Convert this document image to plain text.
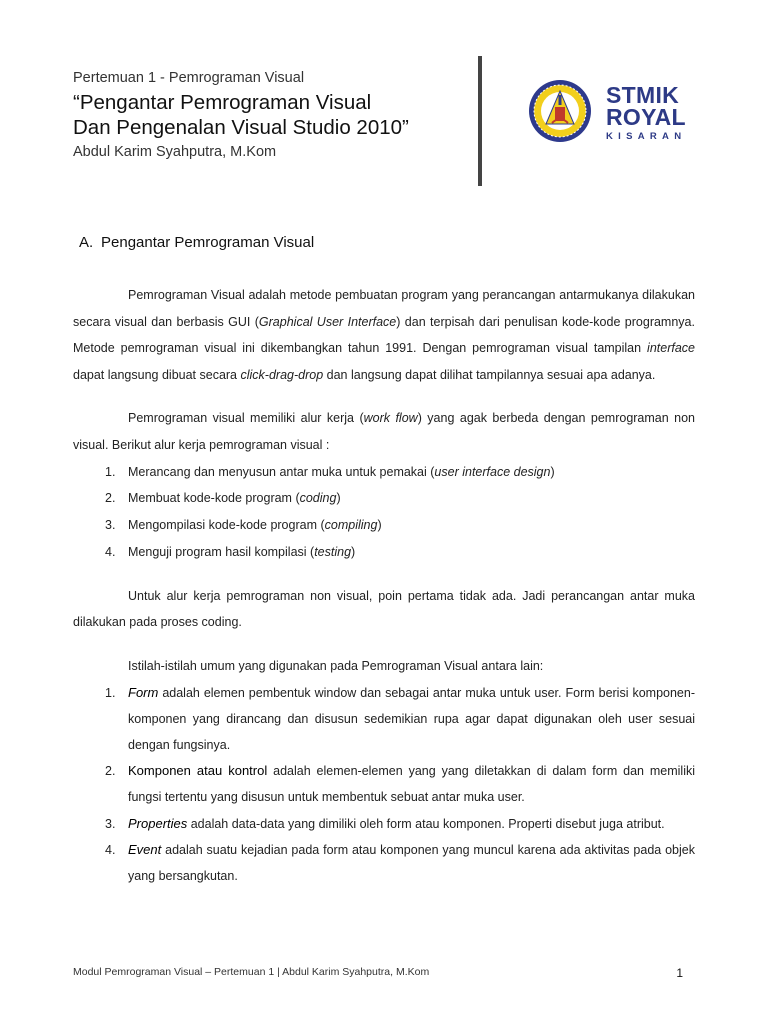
Pertemuan 1 - Pemrograman Visual
“Pengantar Pemrograman Visual
Dan Pengenalan Visual Studio 2010”
Abdul Karim Syahputra, M.Kom
STMIK
ROYAL
KISARAN
A. Pengantar Pemrograman Visual

Pemrograman Visual adalah metode pembuatan program yang perancangan antarmukanya dilakukan secara visual dan berbasis GUI (Graphical User Interface) dan terpisah dari penulisan kode-kode programnya. Metode pemrograman visual ini dikembangkan tahun 1991. Dengan pemrograman visual tampilan interface dapat langsung dibuat secara click-drag-drop dan langsung dapat dilihat tampilannya sesuai apa adanya.

Pemrograman visual memiliki alur kerja (work flow) yang agak berbeda dengan pemrograman non visual. Berikut alur kerja pemrograman visual :

1. Merancang dan menyusun antar muka untuk pemakai (user interface design)
2. Membuat kode-kode program (coding)
3. Mengompilasi kode-kode program (compiling)
4. Menguji program hasil kompilasi (testing)

Untuk alur kerja pemrograman non visual, poin pertama tidak ada. Jadi perancangan antar muka dilakukan pada proses coding.

Istilah-istilah umum yang digunakan pada Pemrograman Visual antara lain:

1. Form adalah elemen pembentuk window dan sebagai antar muka untuk user. Form berisi komponen-komponen yang dirancang dan disusun sedemikian rupa agar dapat digunakan oleh user sesuai dengan fungsinya.
2. Komponen atau kontrol adalah elemen-elemen yang yang diletakkan di dalam form dan memiliki fungsi tertentu yang disusun untuk membentuk sebuat antar muka user.
3. Properties adalah data-data yang dimiliki oleh form atau komponen. Properti disebut juga atribut.
4. Event adalah suatu kejadian pada form atau komponen yang muncul karena ada aktivitas pada objek yang bersangkutan.
Modul Pemrograman Visual – Pertemuan 1 | Abdul Karim Syahputra, M.Kom	1
